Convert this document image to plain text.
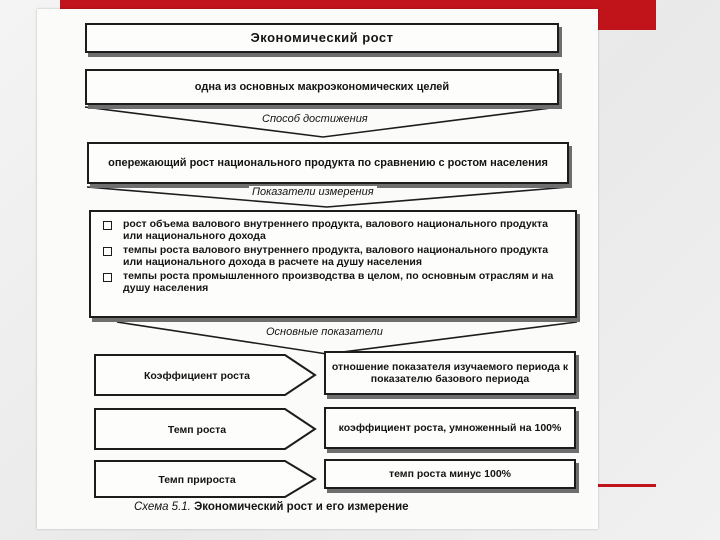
Экономический рост
одна из основных макроэкономических целей
Способ достижения
опережающий рост национального продукта по сравнению с ростом населения
Показатели измерения
рост объема валового внутреннего продукта, валового национального продукта или национального дохода
темпы роста валового внутреннего продукта, валового национального продукта или национального дохода в расчете на душу населения
темпы роста промышленного производства в целом, по основным отраслям и на душу населения
Основные показатели
Коэффициент роста
отношение показателя изучаемого периода к показателю базового периода
Темп роста	коэффициент роста, умноженный на 100%
Темп прироста
темп роста минус 100%
Схема 5.1. Экономический рост и его измерение
